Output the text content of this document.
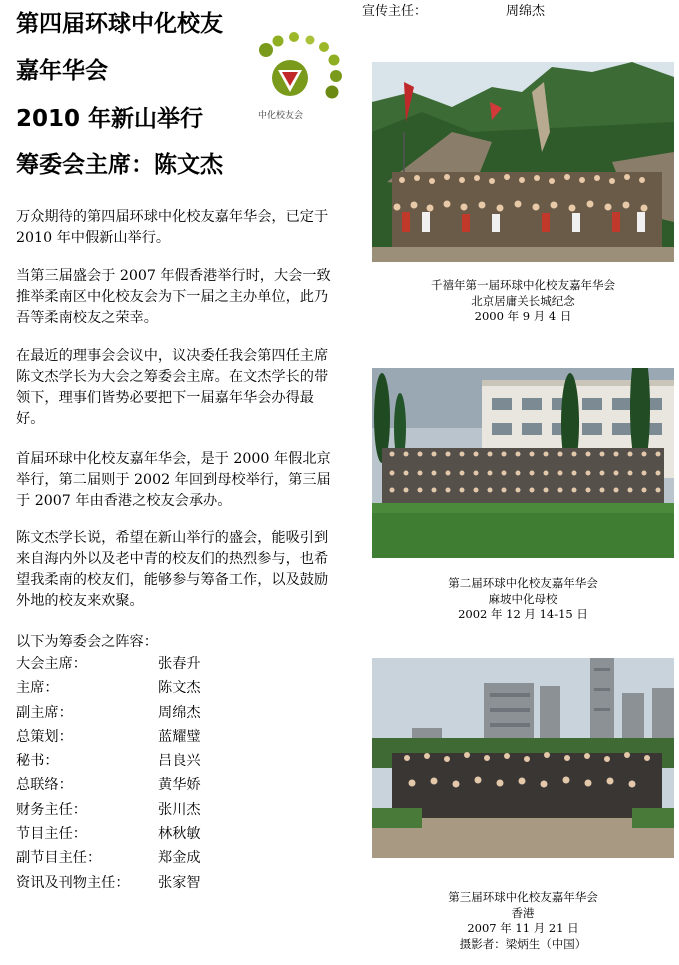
第四届环球中化校友
嘉年华会
2010 年新山举行
筹委会主席：陈文杰
中化校友会

万众期待的第四届环球中化校友嘉年华会，已定于 2010 年中假新山举行。

当第三届盛会于 2007 年假香港举行时，大会一致推举柔南区中化校友会为下一届之主办单位，此乃吾等柔南校友之荣幸。

在最近的理事会会议中，议决委任我会第四任主席陈文杰学长为大会之筹委会主席。在文杰学长的带领下，理事们皆势必要把下一届嘉年华会办得最好。

首届环球中化校友嘉年华会，是于 2000 年假北京举行，第二届则于 2002 年回到母校举行，第三届于 2007 年由香港之校友会承办。

陈文杰学长说，希望在新山举行的盛会，能吸引到来自海内外以及老中青的校友们的热烈参与，也希望我柔南的校友们，能够参与筹备工作，以及鼓励外地的校友来欢聚。

以下为筹委会之阵容：

大会主席：	张春升
主席：	陈文杰
副主席：	周绵杰
总策划：	蓝耀璧
秘书：	吕良兴
总联络：	黄华娇
财务主任：	张川杰
节目主任：	林秋敏
副节目主任：	郑金成
资讯及刊物主任： 张家智
宣传主任：	周绵杰
千禧年第一届环球中化校友嘉年华会
北京居庸关长城纪念
2000 年 9 月 4 日
第二届环球中化校友嘉年华会
麻坡中化母校
2002 年 12 月 14-15 日
第三届环球中化校友嘉年华会
香港
2007 年 11 月 21 日
摄影者：梁炳生（中国）
